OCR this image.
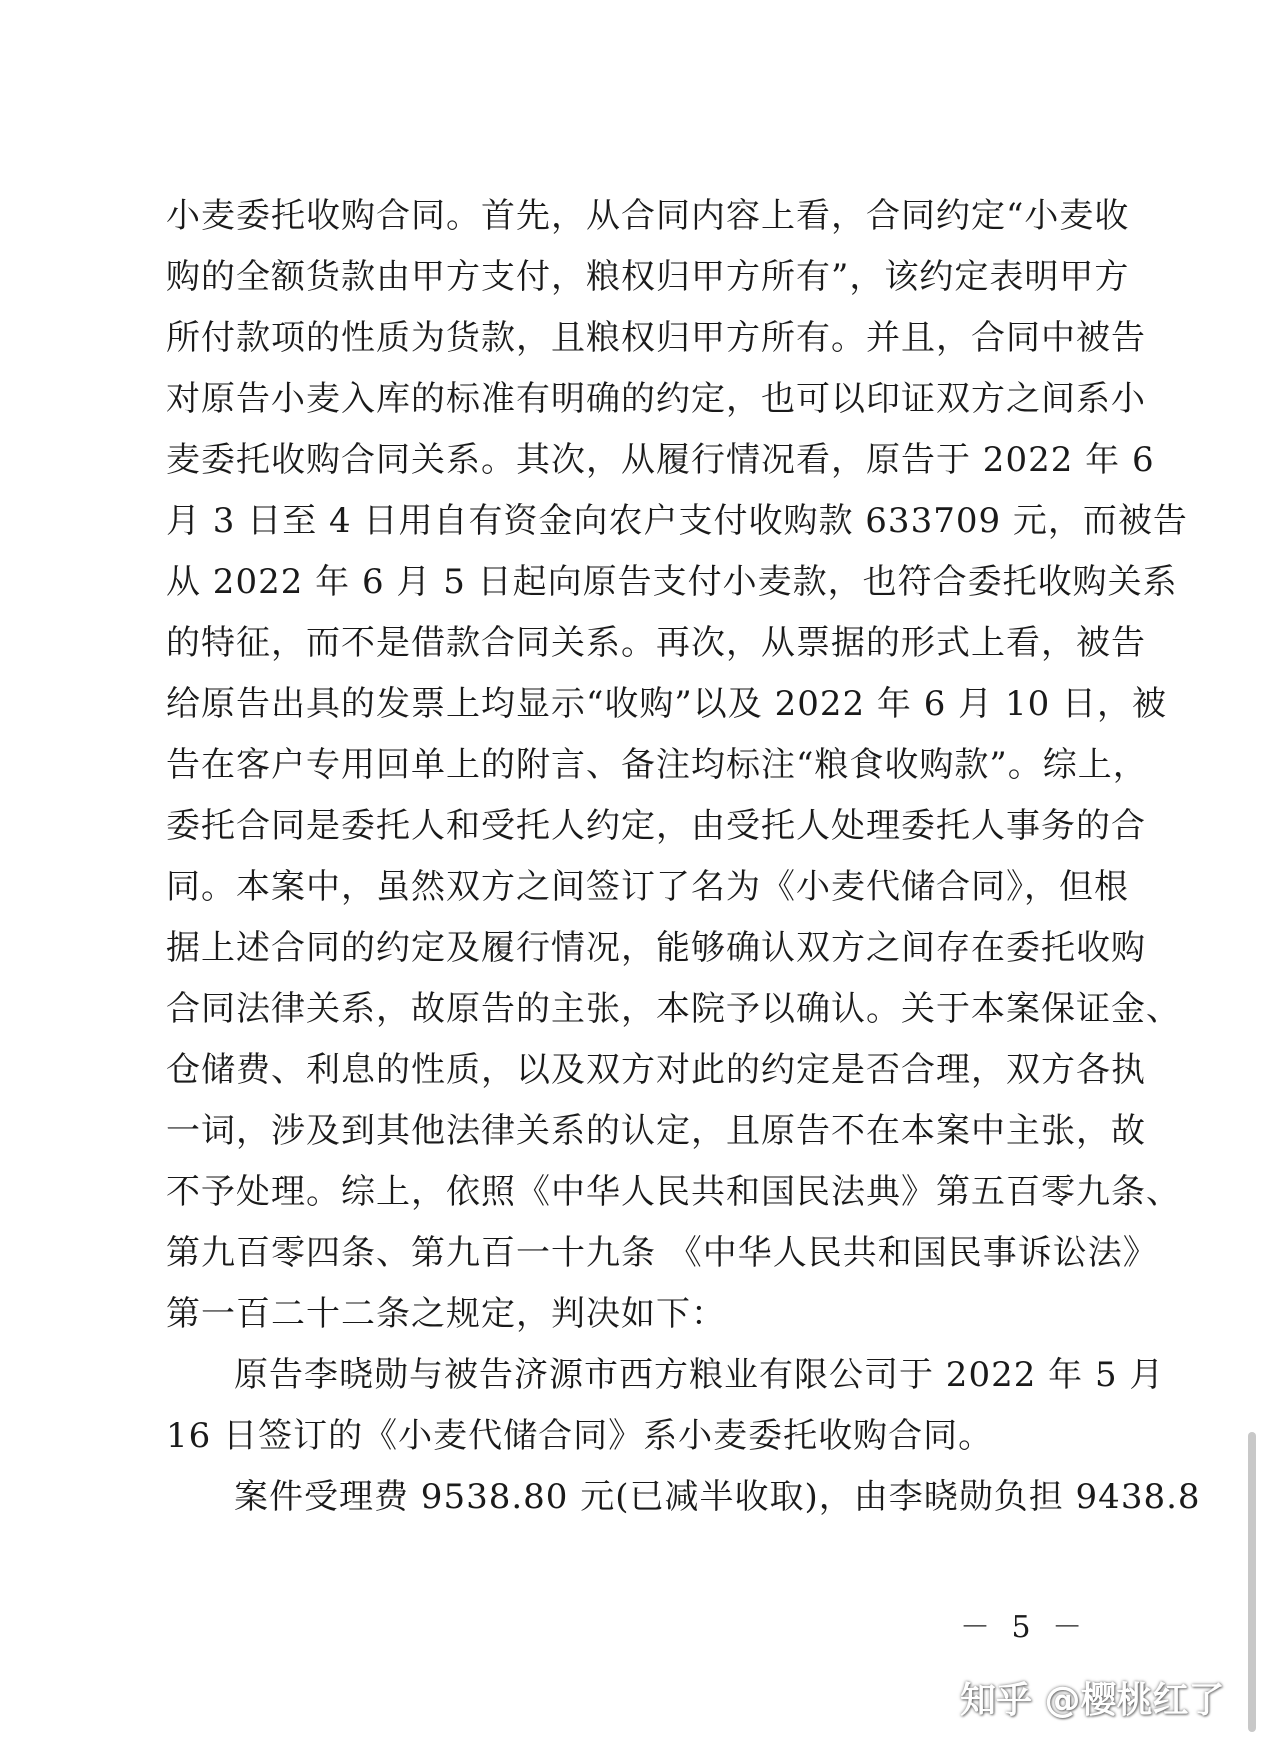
小麦委托收购合同。首先，从合同内容上看，合同约定“小麦收
购的全额货款由甲方支付，粮权归甲方所有”，该约定表明甲方
所付款项的性质为货款，且粮权归甲方所有。并且，合同中被告
对原告小麦入库的标准有明确的约定，也可以印证双方之间系小
麦委托收购合同关系。其次，从履行情况看，原告于 2022 年 6
月 3 日至 4 日用自有资金向农户支付收购款 633709 元，而被告
从 2022 年 6 月 5 日起向原告支付小麦款，也符合委托收购关系
的特征，而不是借款合同关系。再次，从票据的形式上看，被告
给原告出具的发票上均显示“收购”以及 2022 年 6 月 10 日，被
告在客户专用回单上的附言、备注均标注“粮食收购款”。综上，
委托合同是委托人和受托人约定，由受托人处理委托人事务的合
同。本案中，虽然双方之间签订了名为《小麦代储合同》，但根
据上述合同的约定及履行情况，能够确认双方之间存在委托收购
合同法律关系，故原告的主张，本院予以确认。关于本案保证金、
仓储费、利息的性质，以及双方对此的约定是否合理，双方各执
一词，涉及到其他法律关系的认定，且原告不在本案中主张，故
不予处理。综上，依照《中华人民共和国民法典》第五百零九条、
第九百零四条、第九百一十九条 《中华人民共和国民事诉讼法》
第一百二十二条之规定，判决如下：
原告李晓勋与被告济源市西方粮业有限公司于 2022 年 5 月
16 日签订的《小麦代储合同》系小麦委托收购合同。
案件受理费 9538.80 元(已减半收取)，由李晓勋负担 9438.8
－ 5 －
知乎 @樱桃红了
